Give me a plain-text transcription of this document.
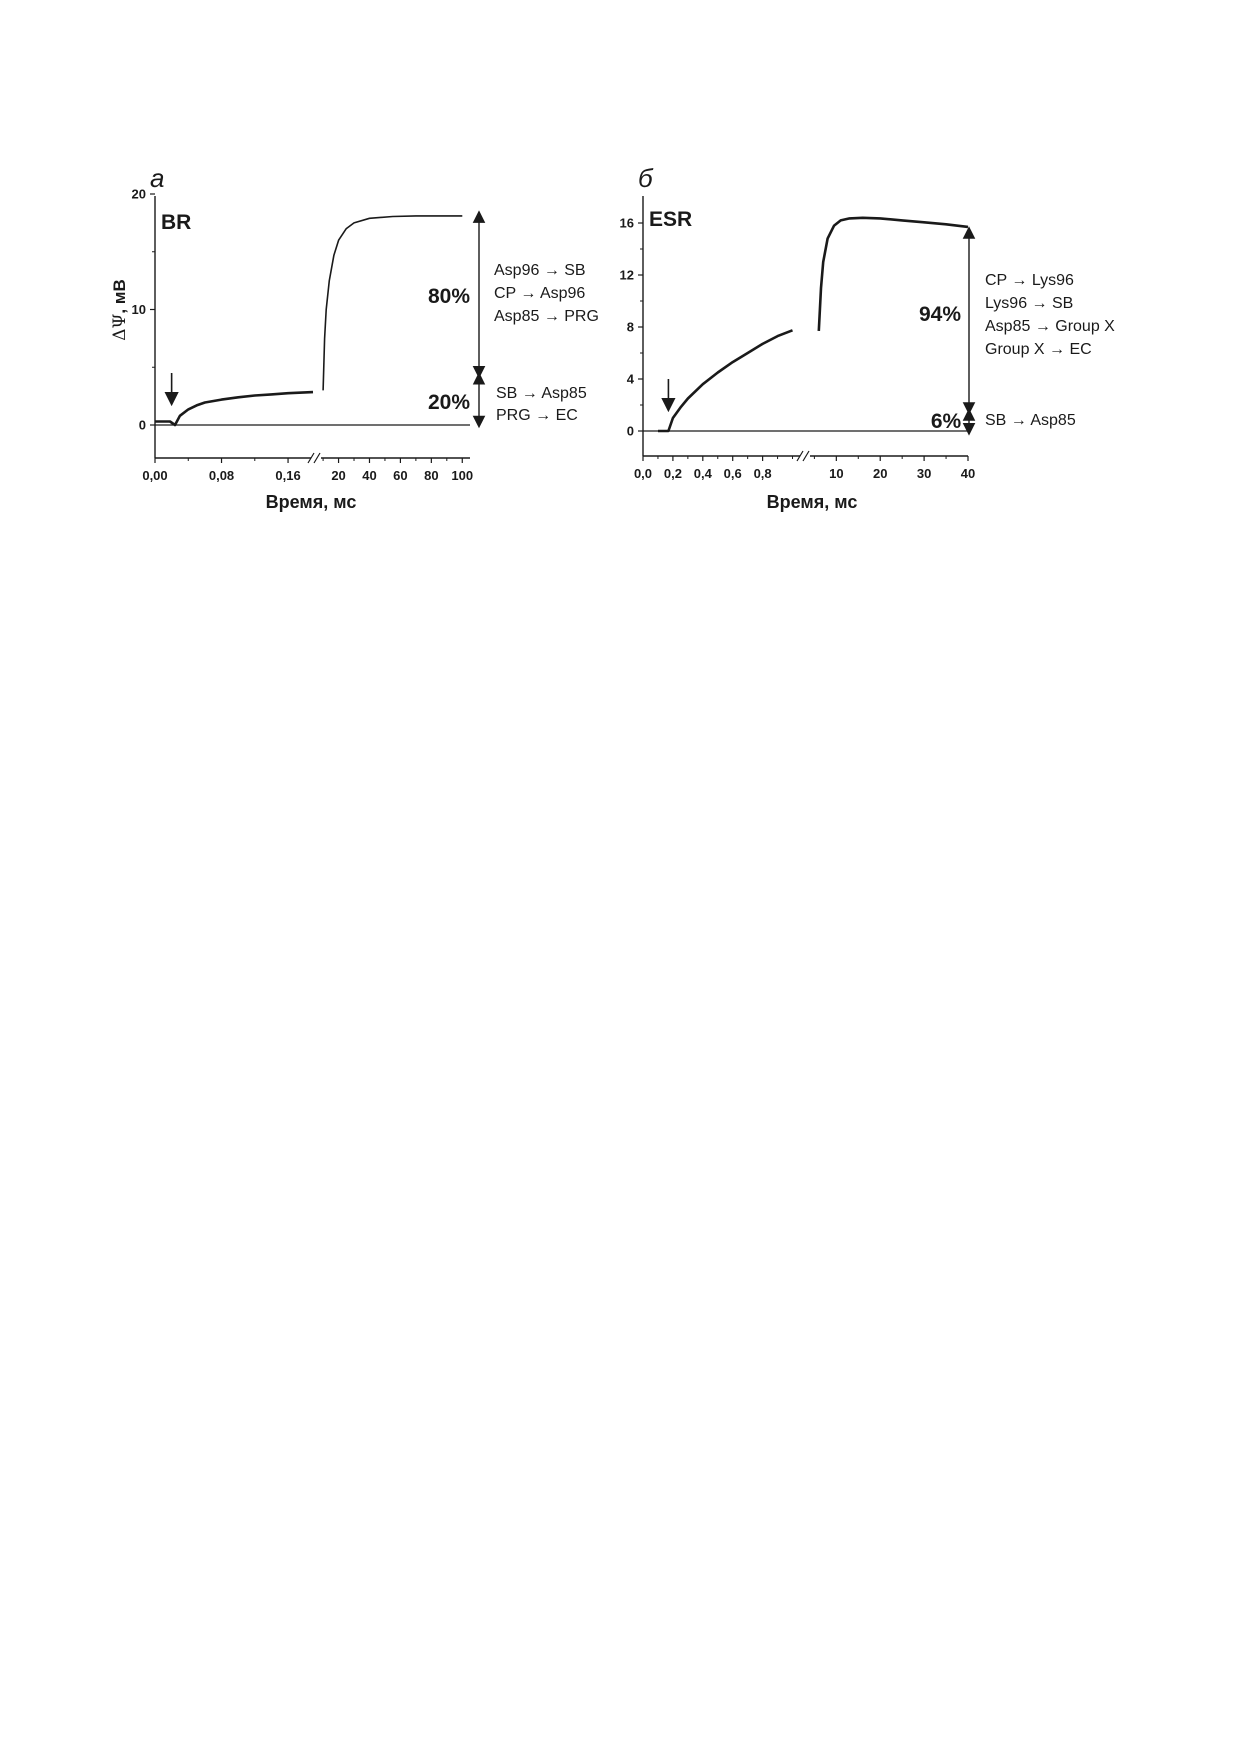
а
BR
ΔΨ, мВ
Время, мс
0
10
20
0,00	0,08	0,16 20 40 60 80 100
80%
20%
Asp96 → SB
CP → Asp96
Asp85 → PRG
SB → Asp85
PRG → EC
б
ESR
Время, мс
0
4
8
12
16
0,0 0,2 0,4 0,6 0,8	10 20 30 40
94%
6%
CP → Lys96
Lys96 → SB
Asp85 → Group X
Group X → EC
SB → Asp85
